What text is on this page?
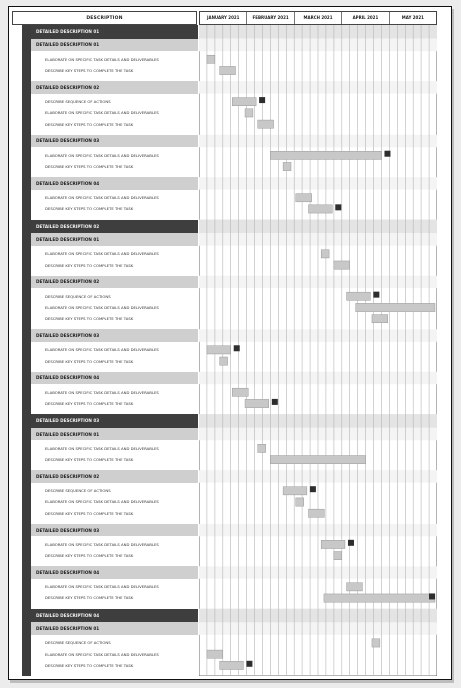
DESCRIPTION	JANUARY 2021	FEBRUARY 2021	MARCH 2021	APRIL 2021	MAY 2021
DETAILED DESCRIPTION 01
DETAILED DESCRIPTION 01
ELABORATE ON SPECIFIC TASK DETAILS AND DELIVERABLES
DESCRIBE KEY STEPS TO COMPLETE THE TASK
DETAILED DESCRIPTION 02
DESCRIBE SEQUENCE OF ACTIONS
ELABORATE ON SPECIFIC TASK DETAILS AND DELIVERABLES
DESCRIBE KEY STEPS TO COMPLETE THE TASK
DETAILED DESCRIPTION 03
ELABORATE ON SPECIFIC TASK DETAILS AND DELIVERABLES
DESCRIBE KEY STEPS TO COMPLETE THE TASK
DETAILED DESCRIPTION 04
ELABORATE ON SPECIFIC TASK DETAILS AND DELIVERABLES
DESCRIBE KEY STEPS TO COMPLETE THE TASK
DETAILED DESCRIPTION 02
DETAILED DESCRIPTION 01
ELABORATE ON SPECIFIC TASK DETAILS AND DELIVERABLES
DESCRIBE KEY STEPS TO COMPLETE THE TASK
DETAILED DESCRIPTION 02
DESCRIBE SEQUENCE OF ACTIONS
ELABORATE ON SPECIFIC TASK DETAILS AND DELIVERABLES
DESCRIBE KEY STEPS TO COMPLETE THE TASK
DETAILED DESCRIPTION 03
ELABORATE ON SPECIFIC TASK DETAILS AND DELIVERABLES
DESCRIBE KEY STEPS TO COMPLETE THE TASK
DETAILED DESCRIPTION 04
ELABORATE ON SPECIFIC TASK DETAILS AND DELIVERABLES
DESCRIBE KEY STEPS TO COMPLETE THE TASK
DETAILED DESCRIPTION 03
DETAILED DESCRIPTION 01
ELABORATE ON SPECIFIC TASK DETAILS AND DELIVERABLES
DESCRIBE KEY STEPS TO COMPLETE THE TASK
DETAILED DESCRIPTION 02
DESCRIBE SEQUENCE OF ACTIONS
ELABORATE ON SPECIFIC TASK DETAILS AND DELIVERABLES
DESCRIBE KEY STEPS TO COMPLETE THE TASK
DETAILED DESCRIPTION 03
ELABORATE ON SPECIFIC TASK DETAILS AND DELIVERABLES
DESCRIBE KEY STEPS TO COMPLETE THE TASK
DETAILED DESCRIPTION 04
ELABORATE ON SPECIFIC TASK DETAILS AND DELIVERABLES
DESCRIBE KEY STEPS TO COMPLETE THE TASK
DETAILED DESCRIPTION 04
DETAILED DESCRIPTION 01
DESCRIBE SEQUENCE OF ACTIONS
ELABORATE ON SPECIFIC TASK DETAILS AND DELIVERABLES
DESCRIBE KEY STEPS TO COMPLETE THE TASK
